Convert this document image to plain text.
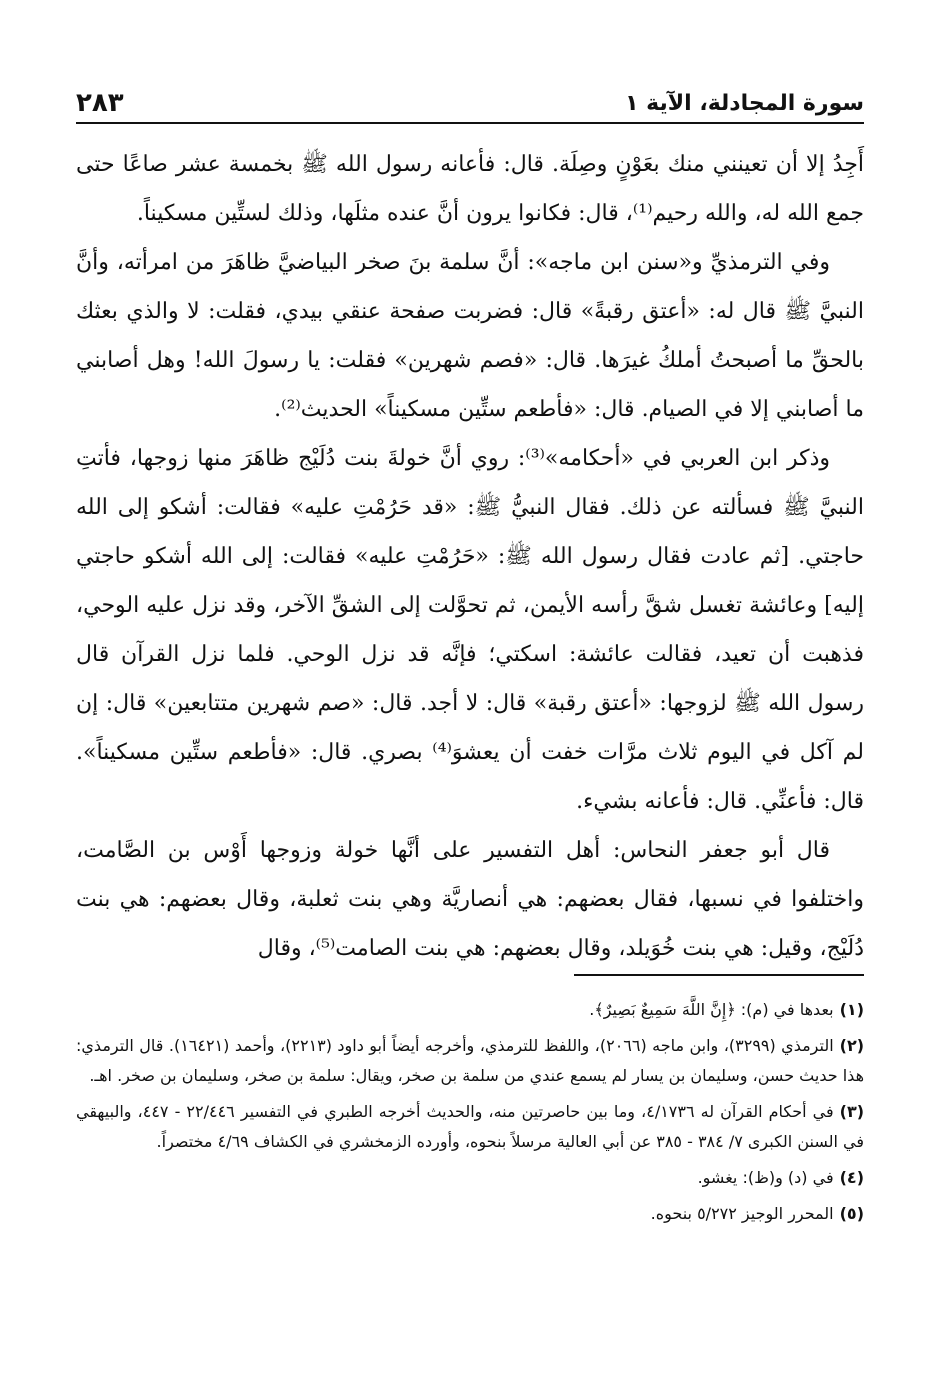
سورة المجادلة، الآية ١
٢٨٣

أَجِدُ إلا أن تعينني منك بعَوْنٍ وصِلَة. قال: فأعانه رسول الله ﷺ بخمسة عشر صاعًا حتى جمع الله له، والله رحيم⁽¹⁾، قال: فكانوا يرون أنَّ عنده مثلَها، وذلك لستِّين مسكيناً.

وفي الترمذيِّ و«سنن ابن ماجه»: أنَّ سلمة بنَ صخر البياضيَّ ظاهَرَ من امرأته، وأنَّ النبيَّ ﷺ قال له: «أعتق رقبةً» قال: فضربت صفحة عنقي بيدي، فقلت: لا والذي بعثك بالحقِّ ما أصبحتُ أملكُ غيرَها. قال: «فصم شهرين» فقلت: يا رسولَ الله! وهل أصابني ما أصابني إلا في الصيام. قال: «فأطعم ستِّين مسكيناً» الحديث⁽²⁾.

وذكر ابن العربي في «أحكامه»⁽³⁾: روي أنَّ خولةَ بنت دُلَيْج ظاهَرَ منها زوجها، فأتتِ النبيَّ ﷺ فسألته عن ذلك. فقال النبيُّ ﷺ: «قد حَرُمْتِ عليه» فقالت: أشكو إلى الله حاجتي. [ثم عادت فقال رسول الله ﷺ: «حَرُمْتِ عليه» فقالت: إلى الله أشكو حاجتي إليه] وعائشة تغسل شقَّ رأسه الأيمن، ثم تحوَّلت إلى الشقِّ الآخر، وقد نزل عليه الوحي، فذهبت أن تعيد، فقالت عائشة: اسكتي؛ فإنَّه قد نزل الوحي. فلما نزل القرآن قال رسول الله ﷺ لزوجها: «أعتق رقبة» قال: لا أجد. قال: «صم شهرين متتابعين» قال: إن لم آكل في اليوم ثلاث مرَّات خفت أن يعشوَ⁽⁴⁾ بصري. قال: «فأطعم ستِّين مسكيناً». قال: فأعنِّي. قال: فأعانه بشيء.

قال أبو جعفر النحاس: أهل التفسير على أنَّها خولة وزوجها أَوْس بن الصَّامت، واختلفوا في نسبها، فقال بعضهم: هي أنصاريَّة وهي بنت ثعلبة، وقال بعضهم: هي بنت دُلَيْج، وقيل: هي بنت خُوَيلد، وقال بعضهم: هي بنت الصامت⁽⁵⁾، وقال

(١)بعدها في (م): ﴿إِنَّ اللَّهَ سَمِيعٌ بَصِيرٌ﴾.

(٢)الترمذي (٣٢٩٩)، وابن ماجه (٢٠٦٦)، واللفظ للترمذي، وأخرجه أيضاً أبو داود (٢٢١٣)، وأحمد (١٦٤٢١). قال الترمذي: هذا حديث حسن، وسليمان بن يسار لم يسمع عندي من سلمة بن صخر، ويقال: سلمة بن صخر، وسليمان بن صخر. اهـ.

(٣)في أحكام القرآن له ٤/١٧٣٦، وما بين حاصرتين منه، والحديث أخرجه الطبري في التفسير ٢٢/٤٤٦ - ٤٤٧، والبيهقي في السنن الكبرى ٧/ ٣٨٤ - ٣٨٥ عن أبي العالية مرسلاً بنحوه، وأورده الزمخشري في الكشاف ٤/٦٩ مختصراً.

(٤)في (د) و(ظ): يغشو.

(٥)المحرر الوجيز ٥/٢٧٢ بنحوه.
